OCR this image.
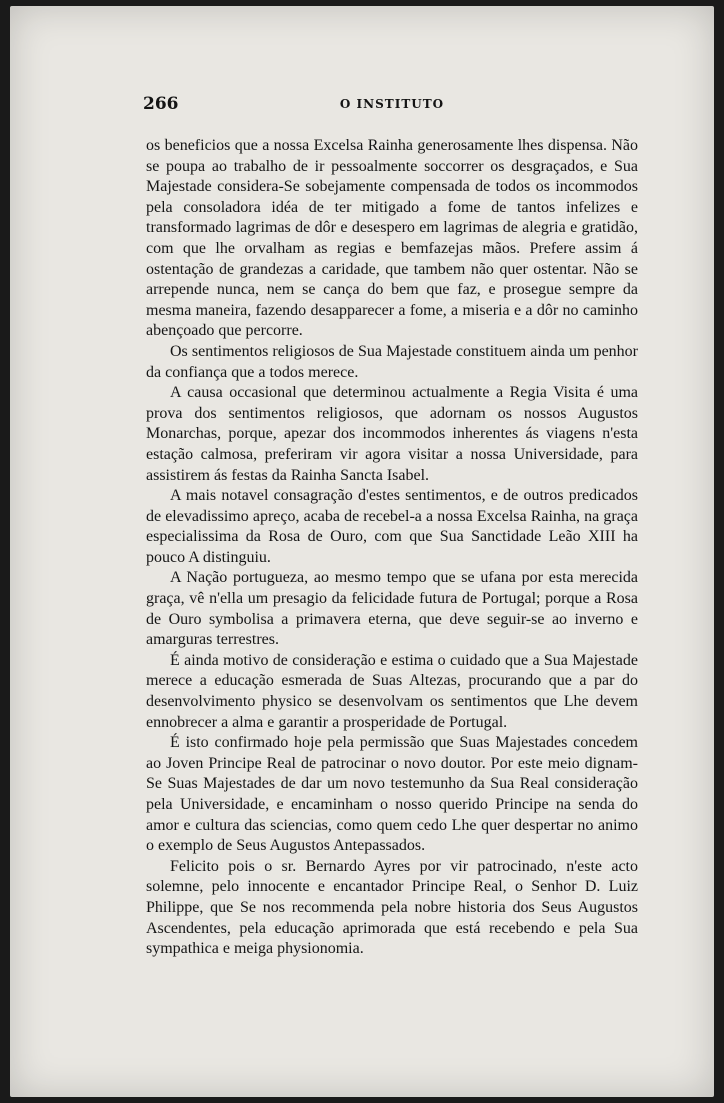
266	O INSTITUTO

os beneficios que a nossa Excelsa Rainha generosamente lhes dispensa. Não se poupa ao trabalho de ir pessoalmente soccorrer os desgraçados, e Sua Majestade considera-Se sobejamente compensada de todos os incommodos pela consoladora idéa de ter mitigado a fome de tantos infelizes e transformado lagrimas de dôr e desespero em lagrimas de alegria e gratidão, com que lhe orvalham as regias e bemfazejas mãos. Prefere assim á ostentação de grandezas a caridade, que tambem não quer ostentar. Não se arrepende nunca, nem se cança do bem que faz, e prosegue sempre da mesma maneira, fazendo desapparecer a fome, a miseria e a dôr no caminho abençoado que percorre.

Os sentimentos religiosos de Sua Majestade constituem ainda um penhor da confiança que a todos merece.

A causa occasional que determinou actualmente a Regia Visita é uma prova dos sentimentos religiosos, que adornam os nossos Augustos Monarchas, porque, apezar dos incommodos inherentes ás viagens n'esta estação calmosa, preferiram vir agora visitar a nossa Universidade, para assistirem ás festas da Rainha Sancta Isabel.

A mais notavel consagração d'estes sentimentos, e de outros predicados de elevadissimo apreço, acaba de recebel-a a nossa Excelsa Rainha, na graça especialissima da Rosa de Ouro, com que Sua Sanctidade Leão XIII ha pouco A distinguiu.

A Nação portugueza, ao mesmo tempo que se ufana por esta merecida graça, vê n'ella um presagio da felicidade futura de Portugal; porque a Rosa de Ouro symbolisa a primavera eterna, que deve seguir-se ao inverno e amarguras terrestres.

É ainda motivo de consideração e estima o cuidado que a Sua Majestade merece a educação esmerada de Suas Altezas, procurando que a par do desenvolvimento physico se desenvolvam os sentimentos que Lhe devem ennobrecer a alma e garantir a prosperidade de Portugal.

É isto confirmado hoje pela permissão que Suas Majestades concedem ao Joven Principe Real de patrocinar o novo doutor. Por este meio dignam-Se Suas Majestades de dar um novo testemunho da Sua Real consideração pela Universidade, e encaminham o nosso querido Principe na senda do amor e cultura das sciencias, como quem cedo Lhe quer despertar no animo o exemplo de Seus Augustos Antepassados.

Felicito pois o sr. Bernardo Ayres por vir patrocinado, n'este acto solemne, pelo innocente e encantador Principe Real, o Senhor D. Luiz Philippe, que Se nos recommenda pela nobre historia dos Seus Augustos Ascendentes, pela educação aprimorada que está recebendo e pela Sua sympathica e meiga physionomia.
